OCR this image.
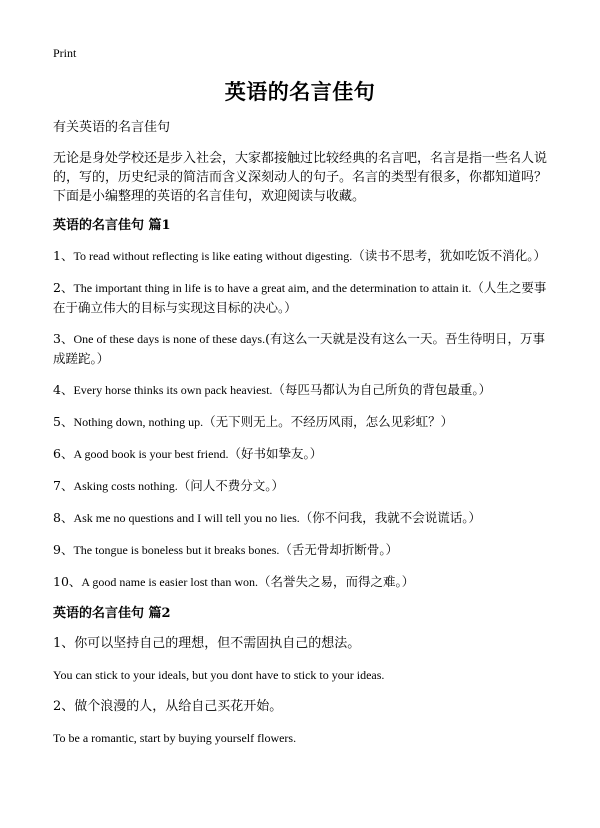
Print
英语的名言佳句

有关英语的名言佳句

无论是身处学校还是步入社会，大家都接触过比较经典的名言吧，名言是指一些名人说的，写的，历史纪录的简洁而含义深刻动人的句子。名言的类型有很多，你都知道吗？下面是小编整理的英语的名言佳句，欢迎阅读与收藏。

英语的名言佳句 篇1
1、To read without reflecting is like eating without digesting.（读书不思考，犹如吃饭不消化。）
2、The important thing in life is to have a great aim, and the determination to attain it.（人生之要事在于确立伟大的目标与实现这目标的决心。）
3、One of these days is none of these days.(有这么一天就是没有这么一天。吾生待明日，万事成蹉跎。）
4、Every horse thinks its own pack heaviest.（每匹马都认为自己所负的背包最重。）
5、Nothing down, nothing up.（无下则无上。不经历风雨，怎么见彩虹？）
6、A good book is your best friend.（好书如挚友。）
7、Asking costs nothing.（问人不费分文。）
8、Ask me no questions and I will tell you no lies.（你不问我，我就不会说谎话。）
9、The tongue is boneless but it breaks bones.（舌无骨却折断骨。）
10、A good name is easier lost than won.（名誉失之易，而得之难。）
英语的名言佳句 篇2

1、你可以坚持自己的理想，但不需固执自己的想法。

You can stick to your ideals, but you dont have to stick to your ideas.

2、做个浪漫的人，从给自己买花开始。

To be a romantic, start by buying yourself flowers.
